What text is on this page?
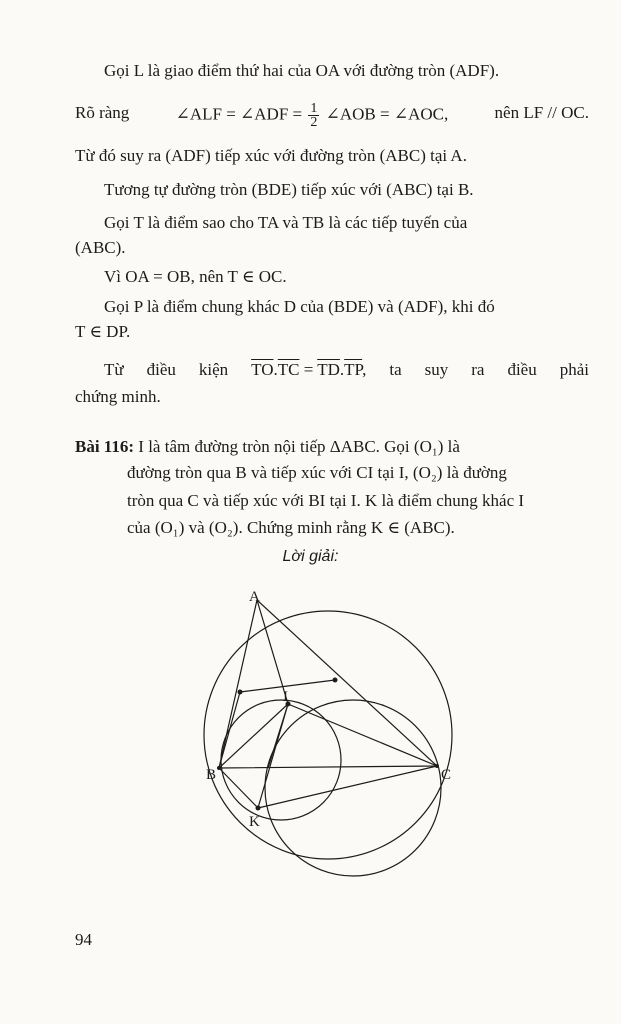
Gọi L là giao điểm thứ hai của OA với đường tròn (ADF).
Rõ ràng	∠ALF = ∠ADF = $\frac{1}{2}$ ∠AOB = ∠AOC,	nên LF // OC.
Từ đó suy ra (ADF) tiếp xúc với đường tròn (ABC) tại A.
Tương tự đường tròn (BDE) tiếp xúc với (ABC) tại B.
Gọi T là điểm sao cho TA và TB là các tiếp tuyến của
(ABC).
Vì OA = OB, nên T ∈ OC.
Gọi P là điểm chung khác D của (BDE) và (ADF), khi đó
T ∈ DP.
Từ điều kiện $\overline{TO}.\overline{TC} = \overline{TD}.\overline{TP}$, ta suy ra điều phải
chứng minh.
Bài 116: I là tâm đường tròn nội tiếp ΔABC. Gọi (O₁) là
đường tròn qua B và tiếp xúc với CI tại I, (O₂) là đường
tròn qua C và tiếp xúc với BI tại I. K là điểm chung khác I
của (O₁) và (O₂). Chứng minh rằng K ∈ (ABC).
Lời giải:
A
B	C
I
K
94
